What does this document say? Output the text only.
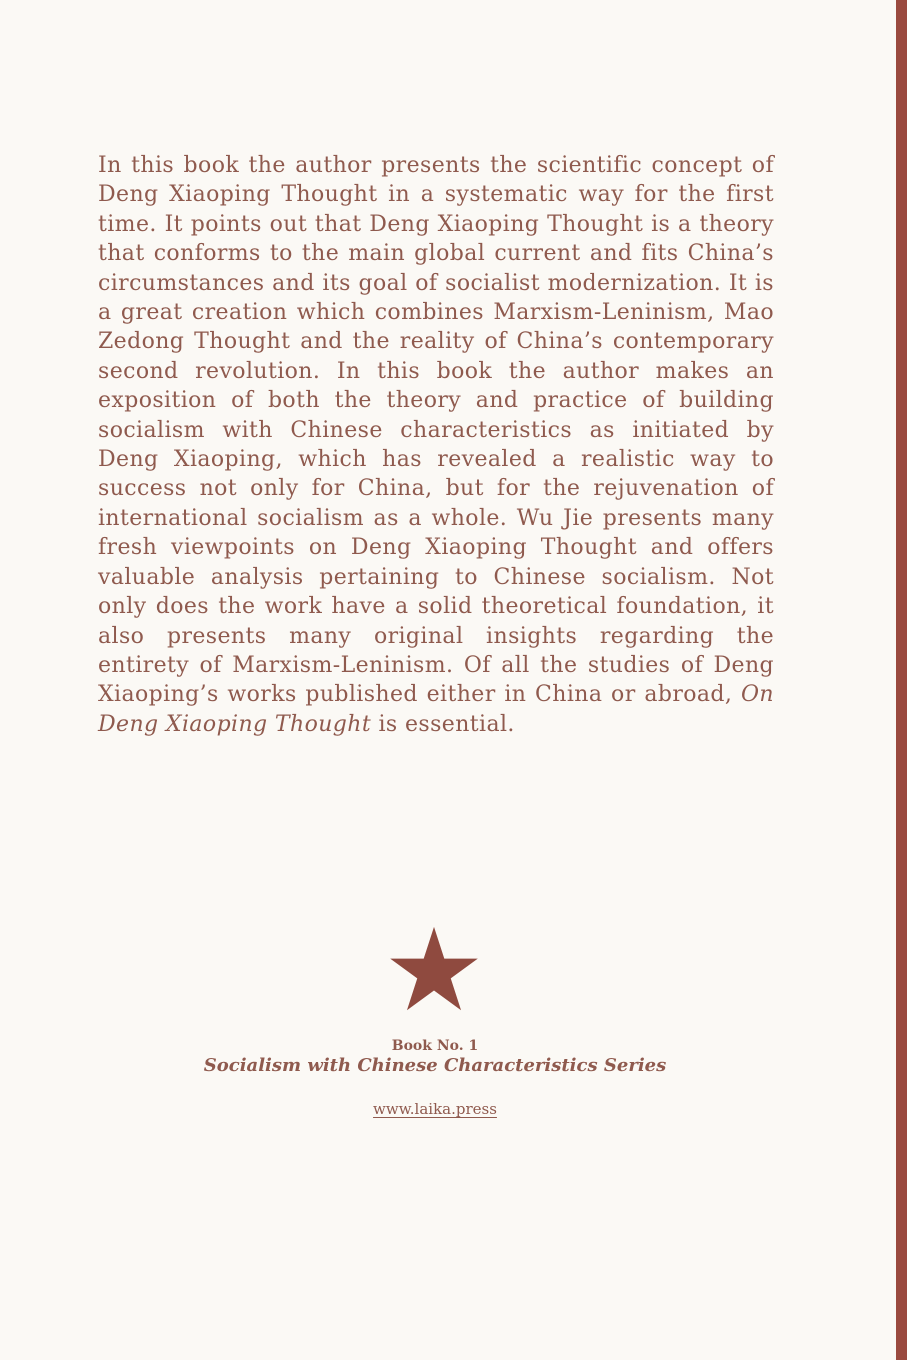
In this book the author presents the scientific concept of Deng Xiaoping Thought in a systematic way for the first time. It points out that Deng Xiaoping Thought is a theory that conforms to the main global current and fits China’s circumstances and its goal of socialist modernization. It is a great creation which combines Marxism-Leninism, Mao Zedong Thought and the reality of China’s contemporary second revolution. In this book the author makes an exposition of both the theory and practice of building socialism with Chinese characteristics as initiated by Deng Xiaoping, which has revealed a realistic way to success not only for China, but for the rejuvenation of international socialism as a whole. Wu Jie presents many fresh viewpoints on Deng Xiaoping Thought and offers valuable analysis pertaining to Chinese socialism. Not only does the work have a solid theoretical foundation, it also presents many original insights regarding the entirety of Marxism-Leninism. Of all the studies of Deng Xiaoping’s works published either in China or abroad, On Deng Xiaoping Thought is essential.

Book No. 1
Socialism with Chinese Characteristics Series
www.laika.press
